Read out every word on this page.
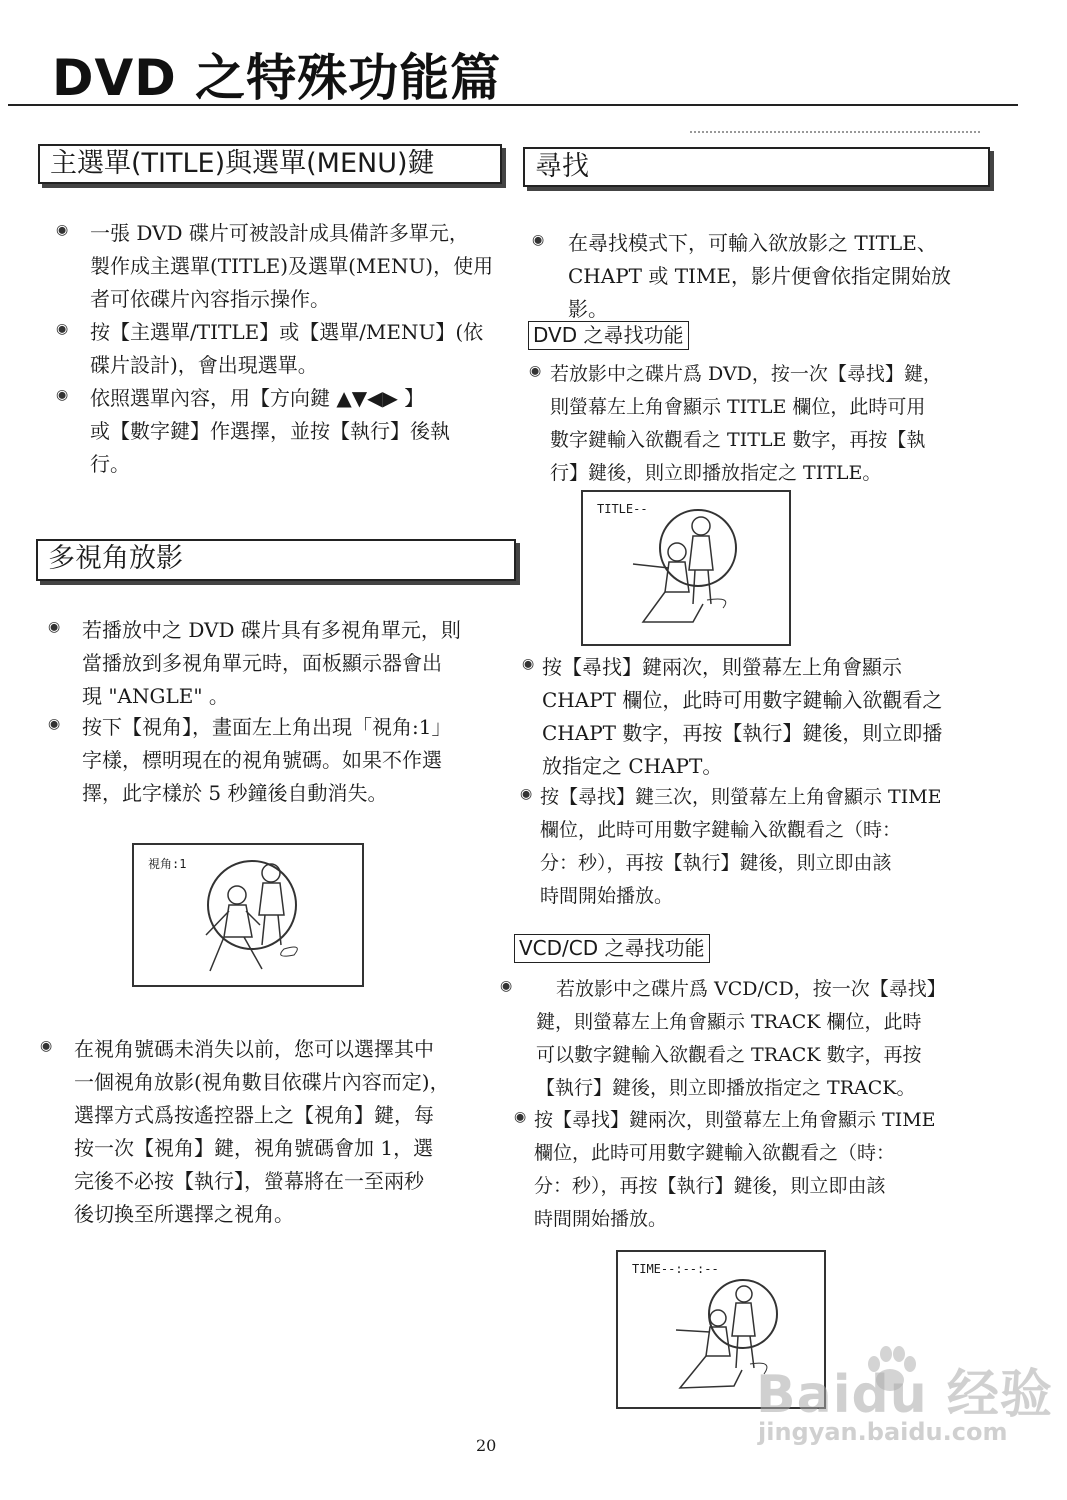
DVD 之特殊功能篇
主選單(TITLE)與選單(MENU)鍵
◉ 一張 DVD 碟片可被設計成具備許多單元，
製作成主選單(TITLE)及選單(MENU)，使用
者可依碟片內容指示操作。
◉ 按【主選單/TITLE】或【選單/MENU】(依
碟片設計)，會出現選單。
◉ 依照選單內容，用【方向鍵 ▲▼◀▶ 】
或【數字鍵】作選擇，並按【執行】後執
行。
多視角放影
◉ 若播放中之 DVD 碟片具有多視角單元，則
當播放到多視角單元時，面板顯示器會出
現 "ANGLE" 。
◉ 按下【視角】，畫面左上角出現「視角:1」
字樣，標明現在的視角號碼。如果不作選
擇，此字樣於 5 秒鐘後自動消失。
視角:1
◉ 在視角號碼未消失以前，您可以選擇其中
一個視角放影(視角數目依碟片內容而定)，
選擇方式爲按遙控器上之【視角】鍵，每
按一次【視角】鍵，視角號碼會加 1，選
完後不必按【執行】，螢幕將在一至兩秒
後切換至所選擇之視角。
尋找
◉ 在尋找模式下，可輸入欲放影之 TITLE、
CHAPT 或 TIME，影片便會依指定開始放
影。
DVD 之尋找功能
◉ 若放影中之碟片爲 DVD，按一次【尋找】鍵，
則螢幕左上角會顯示 TITLE 欄位，此時可用
數字鍵輸入欲觀看之 TITLE 數字，再按【執
行】鍵後，則立即播放指定之 TITLE。
TITLE--
◉ 按【尋找】鍵兩次，則螢幕左上角會顯示
CHAPT 欄位，此時可用數字鍵輸入欲觀看之
CHAPT 數字，再按【執行】鍵後，則立即播
放指定之 CHAPT。
◉ 按【尋找】鍵三次，則螢幕左上角會顯示 TIME
欄位，此時可用數字鍵輸入欲觀看之（時：
分：秒），再按【執行】鍵後，則立即由該
時間開始播放。
VCD/CD 之尋找功能
◉	若放影中之碟片爲 VCD/CD，按一次【尋找】
鍵，則螢幕左上角會顯示 TRACK 欄位，此時
可以數字鍵輸入欲觀看之 TRACK 數字，再按
【執行】鍵後，則立即播放指定之 TRACK。
◉ 按【尋找】鍵兩次，則螢幕左上角會顯示 TIME
欄位，此時可用數字鍵輸入欲觀看之（時：
分：秒），再按【執行】鍵後，則立即由該
時間開始播放。
TIME--:--:--
20
Baidu 经验
jingyan.baidu.com
